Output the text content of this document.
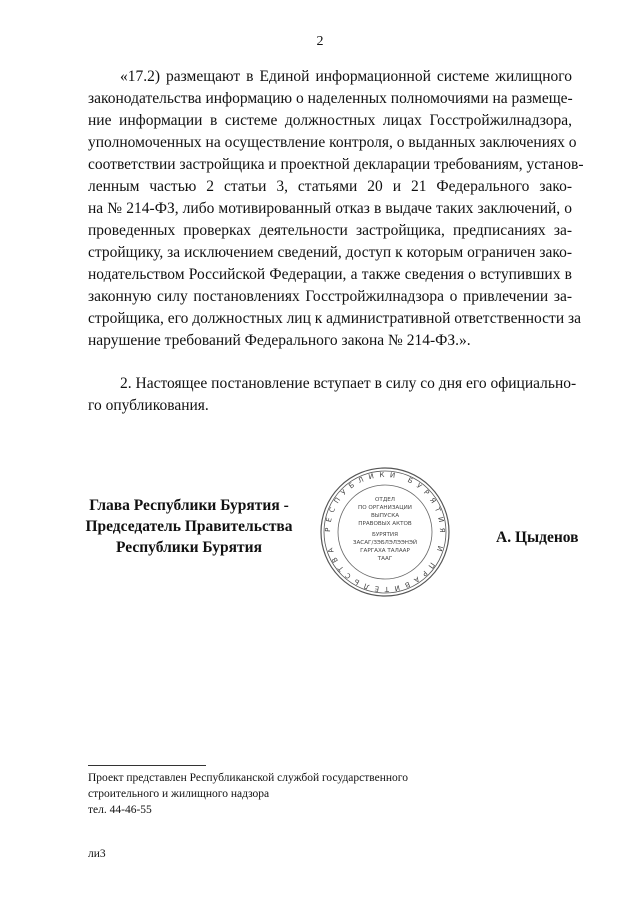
2
«17.2) размещают в Единой информационной системе жилищного
законодательства информацию о наделенных полномочиями на размеще-
ние информации в системе должностных лицах Госстройжилнадзора,
уполномоченных на осуществление контроля, о выданных заключениях о
соответствии застройщика и проектной декларации требованиям, установ-
ленным частью 2 статьи 3, статьями 20 и 21 Федерального зако-
на № 214-ФЗ, либо мотивированный отказ в выдаче таких заключений, о
проведенных проверках деятельности застройщика, предписаниях за-
стройщику, за исключением сведений, доступ к которым ограничен зако-
нодательством Российской Федерации, а также сведения о вступивших в
законную силу постановлениях Госстройжилнадзора о привлечении за-
стройщика, его должностных лиц к административной ответственности за
нарушение требований Федерального закона № 214-ФЗ.».
2. Настоящее постановление вступает в силу со дня его официально-
го опубликования.
Глава Республики Бурятия -
Председатель Правительства
Республики Бурятия
РЕСПУБЛИКИ БУРЯТИЯ И ПРАВИТЕЛЬСТВА
ОТДЕЛ
ПО ОРГАНИЗАЦИИ
ВЫПУСКА
ПРАВОВЫХ АКТОВ
БУРЯТИЯ
ЗАСАГ/ЗЭБЛЭЛЭЭНЭЙ
ГАРГАХА ТАЛААР
ТААГ
А. Цыденов
Проект представлен Республиканской службой государственного
строительного и жилищного надзора
тел. 44-46-55
ли3
